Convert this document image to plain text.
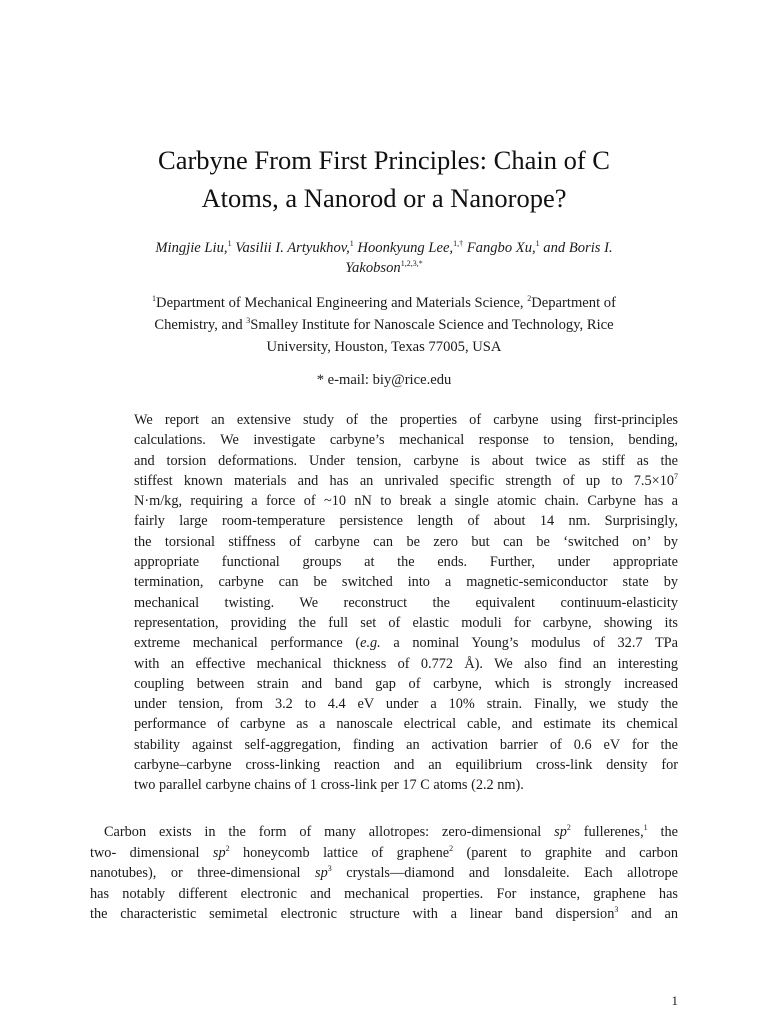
Carbyne From First Principles: Chain of C
Atoms, a Nanorod or a Nanorope?
Mingjie Liu,$^1$ Vasilii I. Artyukhov,$^1$ Hoonkyung Lee,$^{1,\dagger}$ Fangbo Xu,$^1$ and Boris I.
Yakobson$^{1,2,3,*}$
$^1$Department of Mechanical Engineering and Materials Science, $^2$Department of
Chemistry, and $^3$Smalley Institute for Nanoscale Science and Technology, Rice
University, Houston, Texas 77005, USA
* e-mail: biy@rice.edu
We report an extensive study of the properties of carbyne using first-principles
calculations. We investigate carbyne’s mechanical response to tension, bending,
and torsion deformations. Under tension, carbyne is about twice as stiff as the
stiffest known materials and has an unrivaled specific strength of up to $7.5\times 10^7$
N·m/kg, requiring a force of ~10 nN to break a single atomic chain. Carbyne has a
fairly large room-temperature persistence length of about 14 nm. Surprisingly,
the torsional stiffness of carbyne can be zero but can be ‘switched on’ by
appropriate functional groups at the ends. Further, under appropriate
termination, carbyne can be switched into a magnetic-semiconductor state by
mechanical twisting. We reconstruct the equivalent continuum-elasticity
representation, providing the full set of elastic moduli for carbyne, showing its
extreme mechanical performance (e.g. a nominal Young’s modulus of 32.7 TPa
with an effective mechanical thickness of 0.772 Å). We also find an interesting
coupling between strain and band gap of carbyne, which is strongly increased
under tension, from 3.2 to 4.4 eV under a 10% strain. Finally, we study the
performance of carbyne as a nanoscale electrical cable, and estimate its chemical
stability against self-aggregation, finding an activation barrier of 0.6 eV for the
carbyne–carbyne cross-linking reaction and an equilibrium cross-link density for
two parallel carbyne chains of 1 cross-link per 17 C atoms (2.2 nm).
Carbon exists in the form of many allotropes: zero-dimensional $sp^2$ fullerenes,$^1$ the
two- dimensional $sp^2$ honeycomb lattice of graphene$^2$ (parent to graphite and carbon
nanotubes), or three-dimensional $sp^3$ crystals—diamond and lonsdaleite. Each allotrope
has notably different electronic and mechanical properties. For instance, graphene has
the characteristic semimetal electronic structure with a linear band dispersion$^3$ and an
1
